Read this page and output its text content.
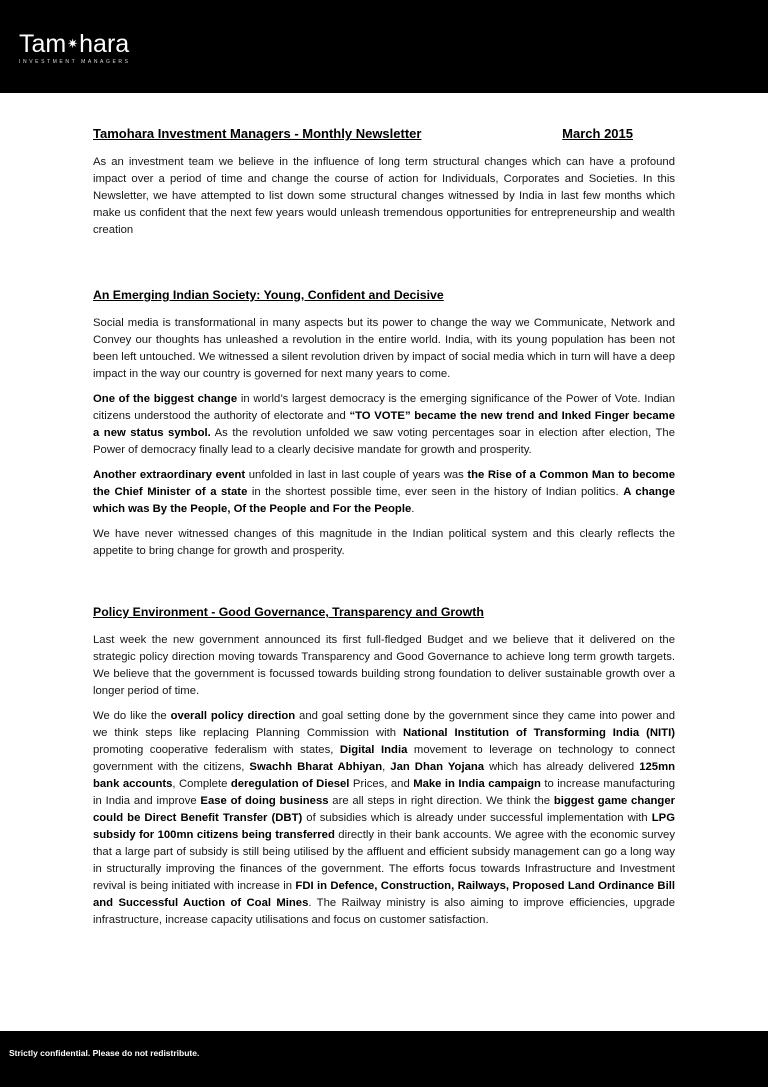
Tam✷hara
INVESTMENT MANAGERS
Tamohara Investment Managers - Monthly Newsletter	March 2015

As an investment team we believe in the influence of long term structural changes which can have a profound impact over a period of time and change the course of action for Individuals, Corporates and Societies. In this Newsletter, we have attempted to list down some structural changes witnessed by India in last few months which make us confident that the next few years would unleash tremendous opportunities for entrepreneurship and wealth creation

An Emerging Indian Society: Young, Confident and Decisive

Social media is transformational in many aspects but its power to change the way we Communicate, Network and Convey our thoughts has unleashed a revolution in the entire world. India, with its young population has been not been left untouched. We witnessed a silent revolution driven by impact of social media which in turn will have a deep impact in the way our country is governed for next many years to come.

One of the biggest change in world’s largest democracy is the emerging significance of the Power of Vote. Indian citizens understood the authority of electorate and “TO VOTE” became the new trend and Inked Finger became a new status symbol. As the revolution unfolded we saw voting percentages soar in election after election, The Power of democracy finally lead to a clearly decisive mandate for growth and prosperity.

Another extraordinary event unfolded in last in last couple of years was the Rise of a Common Man to become the Chief Minister of a state in the shortest possible time, ever seen in the history of Indian politics. A change which was By the People, Of the People and For the People.

We have never witnessed changes of this magnitude in the Indian political system and this clearly reflects the appetite to bring change for growth and prosperity.

Policy Environment - Good Governance, Transparency and Growth

Last week the new government announced its first full-fledged Budget and we believe that it delivered on the strategic policy direction moving towards Transparency and Good Governance to achieve long term growth targets. We believe that the government is focussed towards building strong foundation to deliver sustainable growth over a longer period of time.

We do like the overall policy direction and goal setting done by the government since they came into power and we think steps like replacing Planning Commission with National Institution of Transforming India (NITI) promoting cooperative federalism with states, Digital India movement to leverage on technology to connect government with the citizens, Swachh Bharat Abhiyan, Jan Dhan Yojana which has already delivered 125mn bank accounts, Complete deregulation of Diesel Prices, and Make in India campaign to increase manufacturing in India and improve Ease of doing business are all steps in right direction. We think the biggest game changer could be Direct Benefit Transfer (DBT) of subsidies which is already under successful implementation with LPG subsidy for 100mn citizens being transferred directly in their bank accounts. We agree with the economic survey that a large part of subsidy is still being utilised by the affluent and efficient subsidy management can go a long way in structurally improving the finances of the government. The efforts focus towards Infrastructure and Investment revival is being initiated with increase in FDI in Defence, Construction, Railways, Proposed Land Ordinance Bill and Successful Auction of Coal Mines. The Railway ministry is also aiming to improve efficiencies, upgrade infrastructure, increase capacity utilisations and focus on customer satisfaction.

Strictly confidential. Please do not redistribute.
